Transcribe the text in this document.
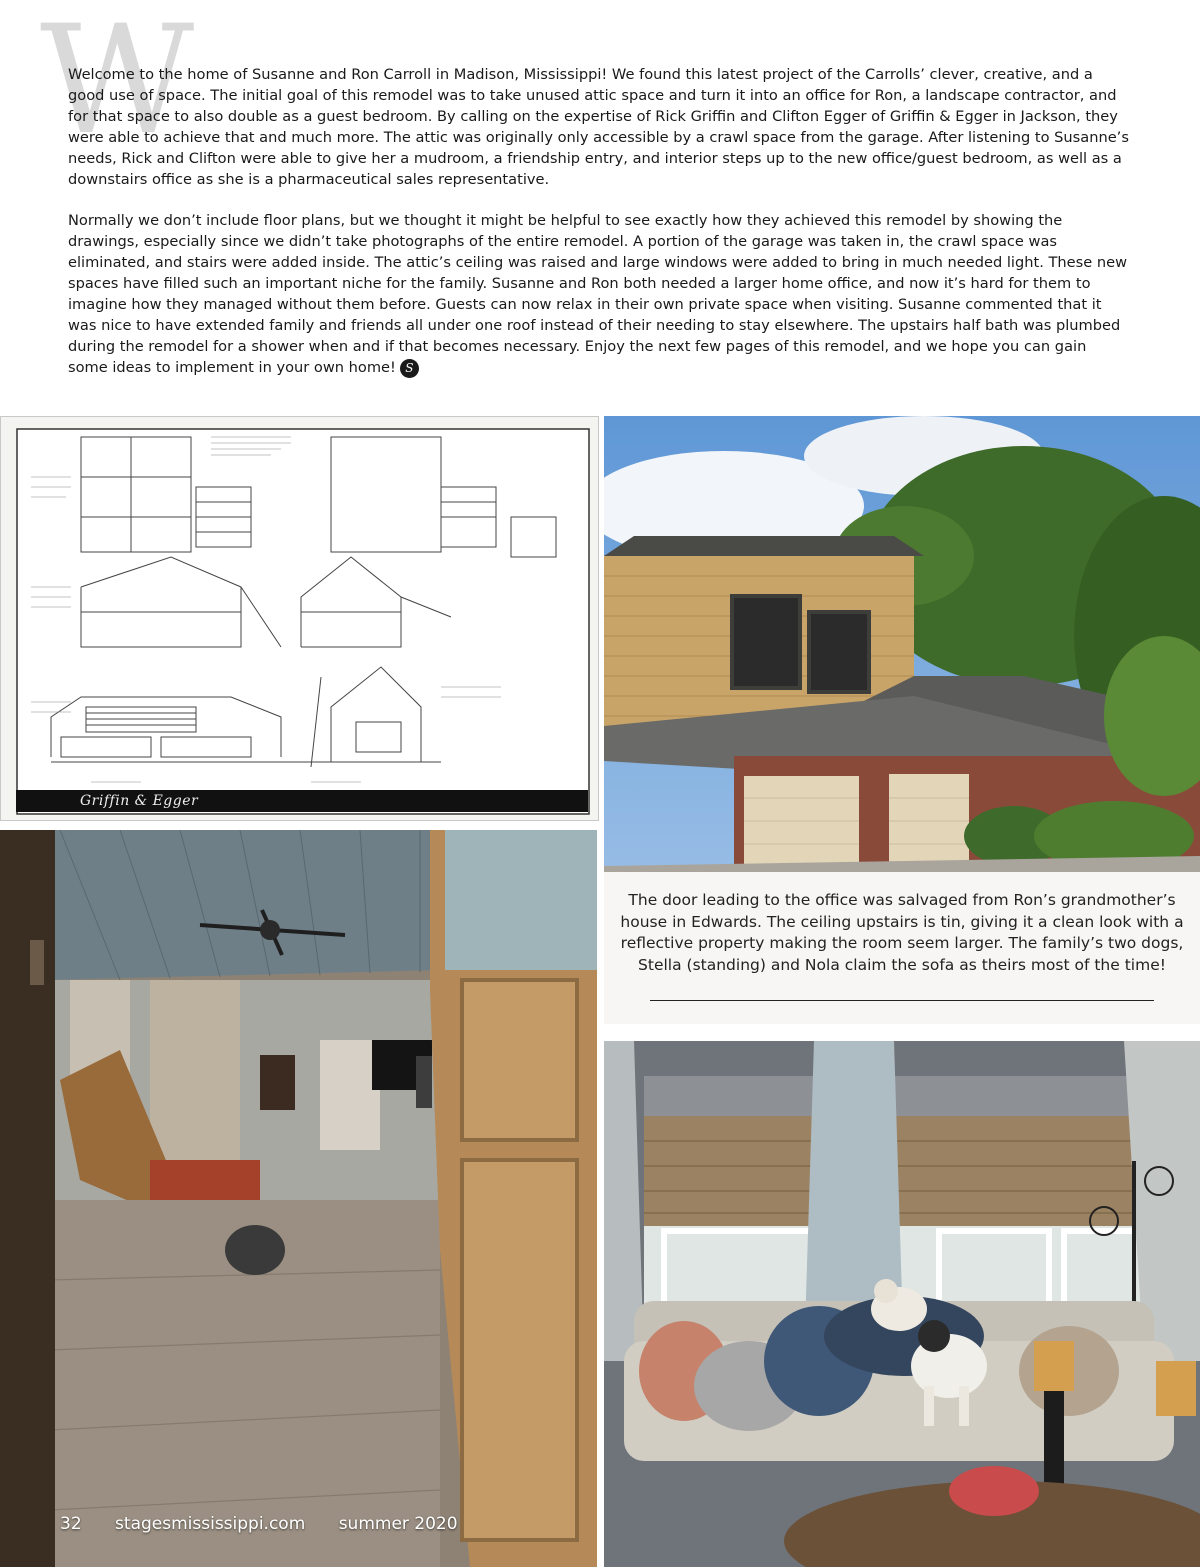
W

Welcome to the home of Susanne and Ron Carroll in Madison, Mississippi! We found this latest project of the Carrolls’ clever, creative, and a good use of space. The initial goal of this remodel was to take unused attic space and turn it into an office for Ron, a landscape contractor, and for that space to also double as a guest bedroom. By calling on the expertise of Rick Griffin and Clifton Egger of Griffin & Egger in Jackson, they were able to achieve that and much more. The attic was originally only accessible by a crawl space from the garage. After listening to Susanne’s needs, Rick and Clifton were able to give her a mudroom, a friendship entry, and interior steps up to the new office/guest bedroom, as well as a downstairs office as she is a pharmaceutical sales representative.

Normally we don’t include floor plans, but we thought it might be helpful to see exactly how they achieved this remodel by showing the drawings, especially since we didn’t take photographs of the entire remodel. A portion of the garage was taken in, the crawl space was eliminated, and stairs were added inside. The attic’s ceiling was raised and large windows were added to bring in much needed light. These new spaces have filled such an important niche for the family. Susanne and Ron both needed a larger home office, and now it’s hard for them to imagine how they managed without them before. Guests can now relax in their own private space when visiting. Susanne commented that it was nice to have extended family and friends all under one roof instead of their needing to stay elsewhere. The upstairs half bath was plumbed during the remodel for a shower when and if that becomes necessary. Enjoy the next few pages of this remodel, and we hope you can gain some ideas to implement in your own home! S

Griffin & Egger
The door leading to the office was salvaged from Ron’s grandmother’s house in Edwards. The ceiling upstairs is tin, giving it a clean look with a reflective property making the room seem larger. The family’s two dogs, Stella (standing) and Nola claim the sofa as theirs most of the time!
32 stagesmississippi.com summer 2020
